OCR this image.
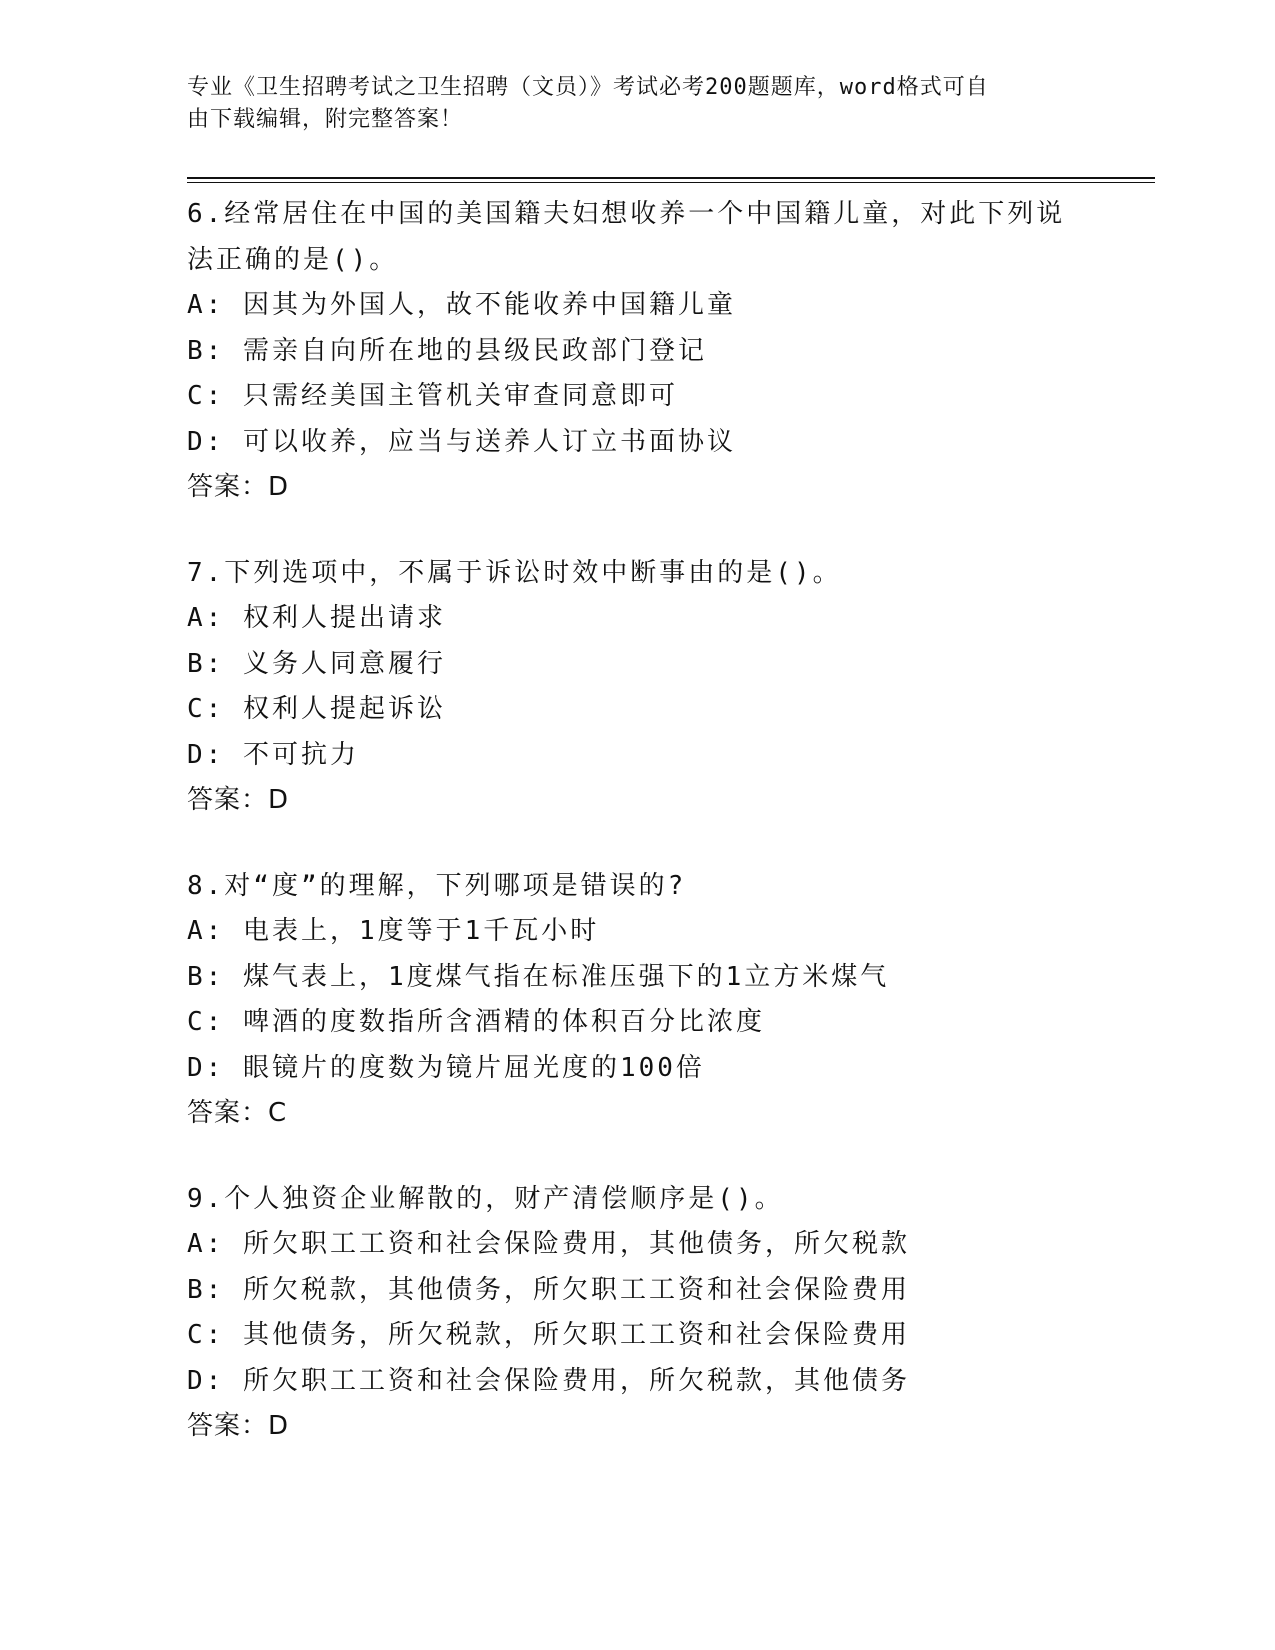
专业《卫生招聘考试之卫生招聘（文员）》考试必考200题题库，word格式可自
由下载编辑，附完整答案！
6.经常居住在中国的美国籍夫妇想收养一个中国籍儿童，对此下列说
法正确的是()。
A: 因其为外国人，故不能收养中国籍儿童
B: 需亲自向所在地的县级民政部门登记
C: 只需经美国主管机关审查同意即可
D: 可以收养，应当与送养人订立书面协议
答案：D
7.下列选项中，不属于诉讼时效中断事由的是()。
A: 权利人提出请求
B: 义务人同意履行
C: 权利人提起诉讼
D: 不可抗力
答案：D
8.对“度”的理解，下列哪项是错误的?
A: 电表上，1度等于1千瓦小时
B: 煤气表上，1度煤气指在标准压强下的1立方米煤气
C: 啤酒的度数指所含酒精的体积百分比浓度
D: 眼镜片的度数为镜片屈光度的100倍
答案：C
9.个人独资企业解散的，财产清偿顺序是()。
A: 所欠职工工资和社会保险费用，其他债务，所欠税款
B: 所欠税款，其他债务，所欠职工工资和社会保险费用
C: 其他债务，所欠税款，所欠职工工资和社会保险费用
D: 所欠职工工资和社会保险费用，所欠税款，其他债务
答案：D
